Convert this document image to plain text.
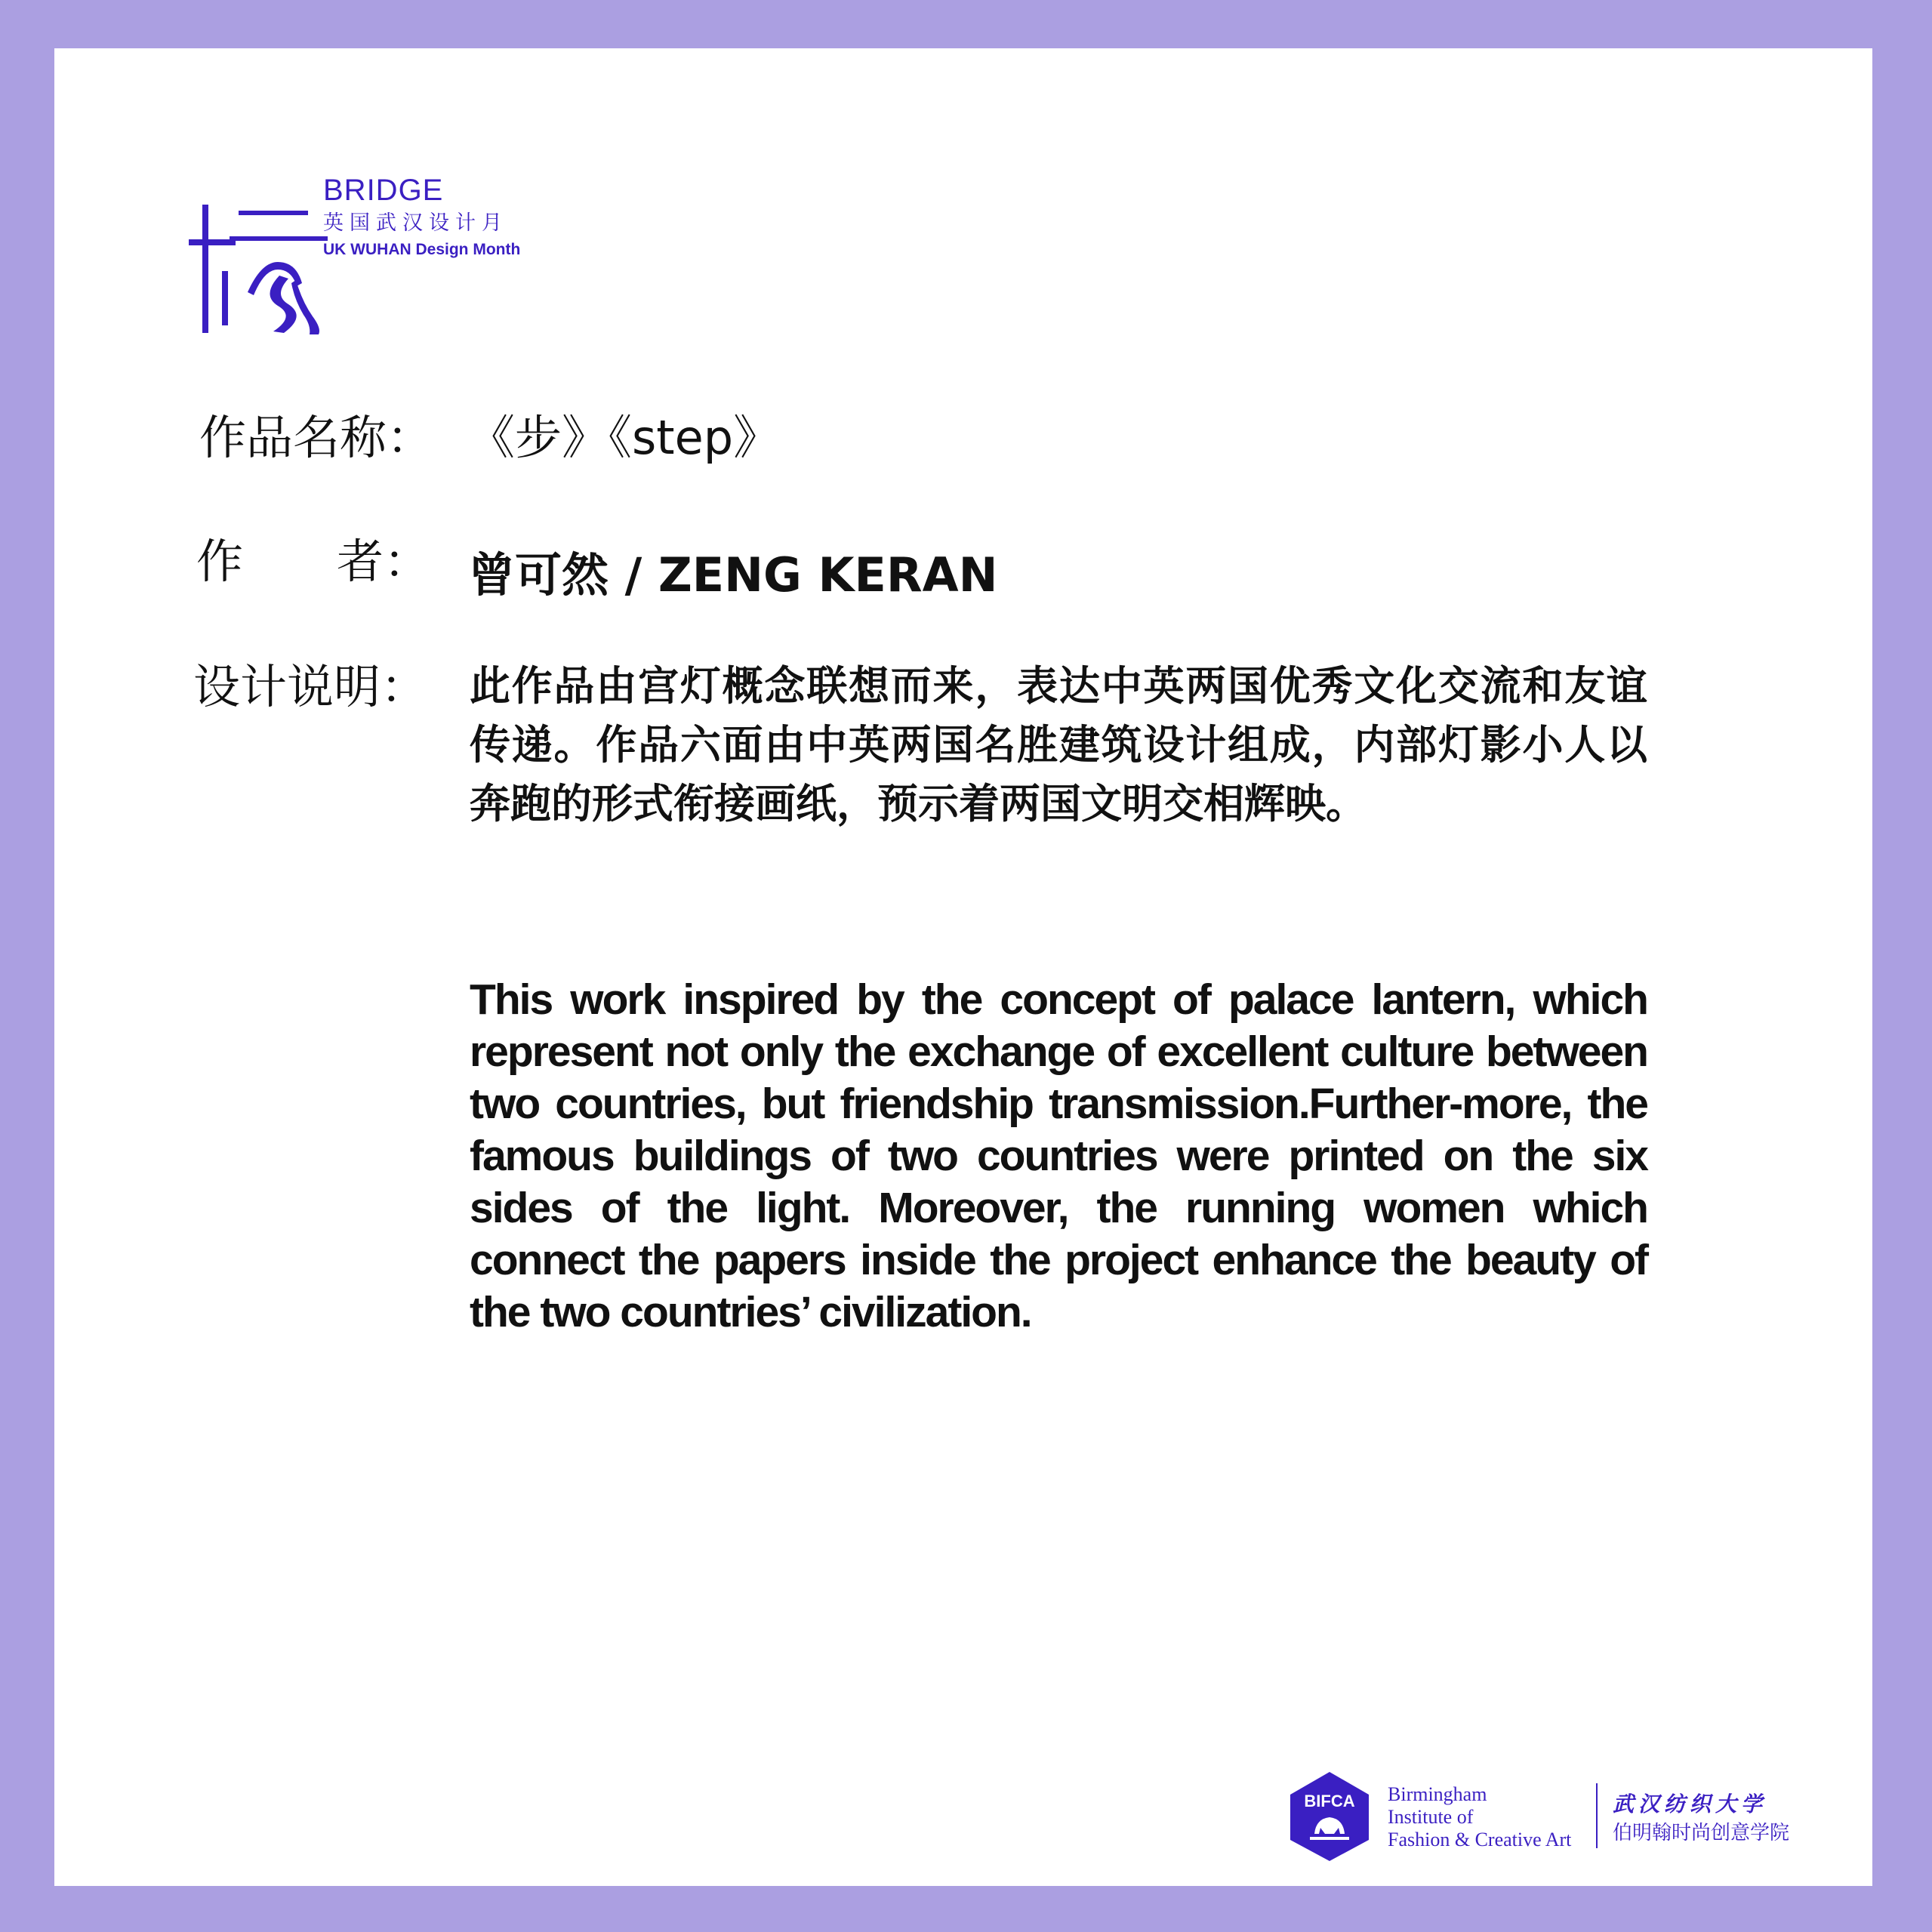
BRIDGE
英国武汉设计月
UK WUHAN Design Month
作品名称： 《步》《step》
作　　者： 曾可然 / ZENG KERAN
设计说明： 此作品由宫灯概念联想而来，表达中英两国优秀文化交流和友谊传递。作品六面由中英两国名胜建筑设计组成，内部灯影小人以奔跑的形式衔接画纸，预示着两国文明交相辉映。
This work inspired by the concept of palace lantern, which represent not only the exchange of excellent culture between two countries, but friendship transmission.Further-more, the famous buildings of two countries were printed on the six sides of the light. Moreover, the running women which connect the papers inside the project enhance the beauty of the two countries’ civilization.
BIFCA Birmingham
Institute of
Fashion & Creative Art
武汉纺织大学
伯明翰时尚创意学院
